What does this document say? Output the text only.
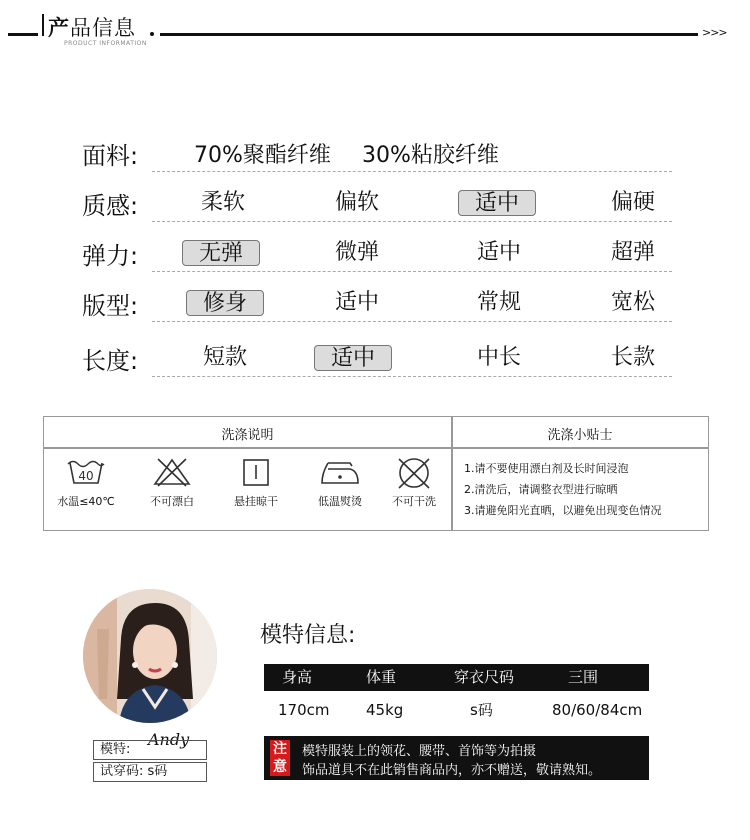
产品信息
PRODUCT INFORMATION
>>>
面料:	70%聚酯纤维 30%粘胶纤维
质感:	柔软	偏软	适中	偏硬
弹力:	无弹	微弹	适中	超弹
版型:	修身	适中	常规	宽松
长度:	短款	适中	中长	长款
洗涤说明	洗涤小贴士
40
水温≤40℃	不可漂白	悬挂晾干	低温熨烫	不可干洗
1.请不要使用漂白剂及长时间浸泡
2.清洗后，请调整衣型进行晾晒
3.请避免阳光直晒，以避免出现变色情况
Andy
模特:
试穿码: s码
模特信息:
身高	体重	穿衣尺码	三围
170cm 45kg	s码	80/60/84cm
注意
模特服装上的领花、腰带、首饰等为拍摄
饰品道具不在此销售商品内，亦不赠送，敬请熟知。
